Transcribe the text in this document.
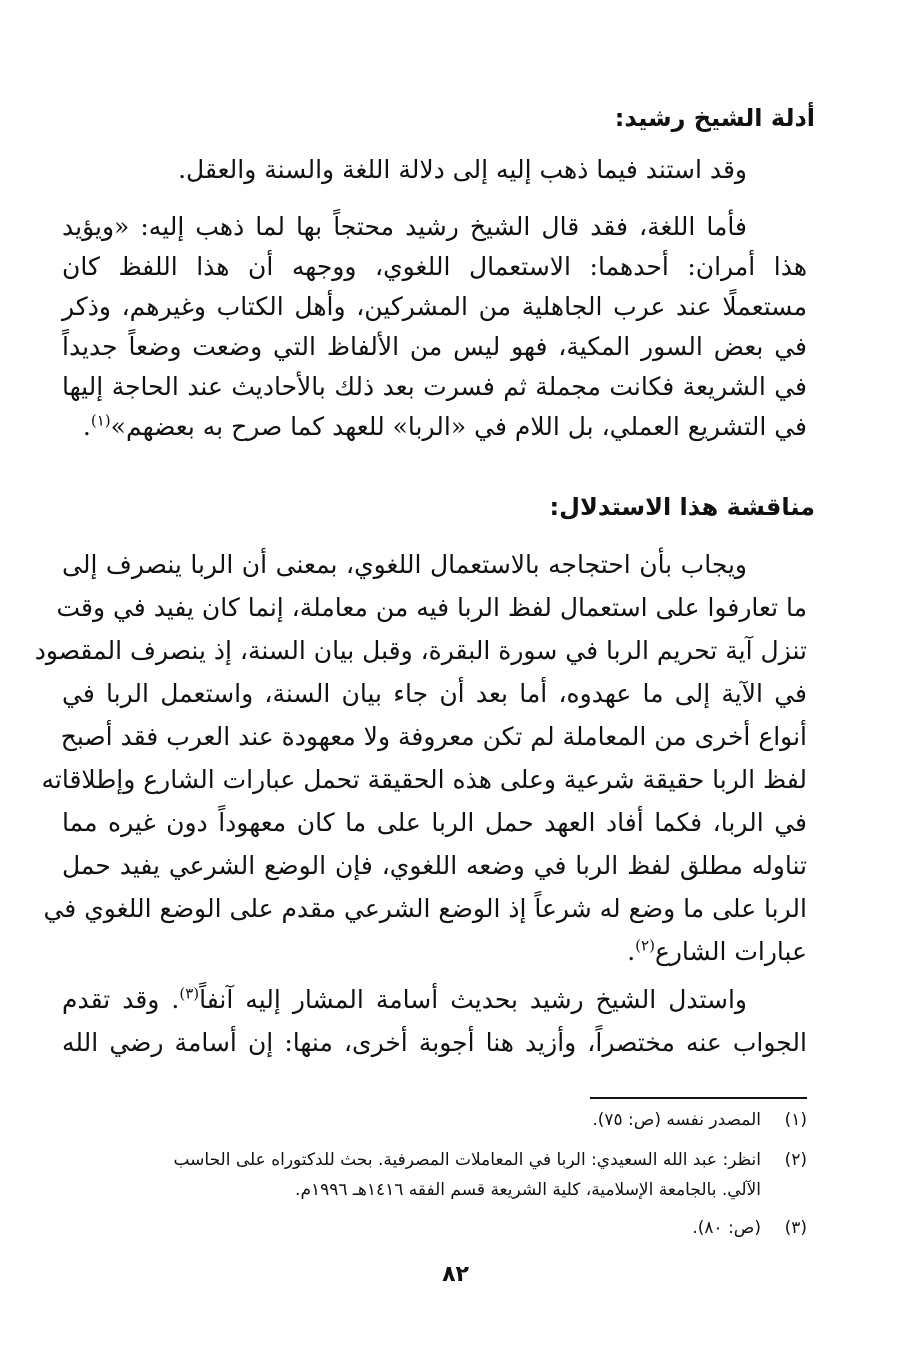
أدلة الشيخ رشيد:
وقد استند فيما ذهب إليه إلى دلالة اللغة والسنة والعقل.
فأما اللغة، فقد قال الشيخ رشيد محتجاً بها لما ذهب إليه: «ويؤيد
هذا أمران: أحدهما: الاستعمال اللغوي، ووجهه أن هذا اللفظ كان
مستعملًا عند عرب الجاهلية من المشركين، وأهل الكتاب وغيرهم، وذكر
في بعض السور المكية، فهو ليس من الألفاظ التي وضعت وضعاً جديداً
في الشريعة فكانت مجملة ثم فسرت بعد ذلك بالأحاديث عند الحاجة إليها
في التشريع العملي، بل اللام في «الربا» للعهد كما صرح به بعضهم»$^{(١)}$.
مناقشة هذا الاستدلال:
ويجاب بأن احتجاجه بالاستعمال اللغوي، بمعنى أن الربا ينصرف إلى
ما تعارفوا على استعمال لفظ الربا فيه من معاملة، إنما كان يفيد في وقت
تنزل آية تحريم الربا في سورة البقرة، وقبل بيان السنة، إذ ينصرف المقصود
في الآية إلى ما عهدوه، أما بعد أن جاء بيان السنة، واستعمل الربا في
أنواع أخرى من المعاملة لم تكن معروفة ولا معهودة عند العرب فقد أصبح
لفظ الربا حقيقة شرعية وعلى هذه الحقيقة تحمل عبارات الشارع وإطلاقاته
في الربا، فكما أفاد العهد حمل الربا على ما كان معهوداً دون غيره مما
تناوله مطلق لفظ الربا في وضعه اللغوي، فإن الوضع الشرعي يفيد حمل
الربا على ما وضع له شرعاً إذ الوضع الشرعي مقدم على الوضع اللغوي في
عبارات الشارع$^{(٢)}$.
واستدل الشيخ رشيد بحديث أسامة المشار إليه آنفاً$^{(٣)}$. وقد تقدم
الجواب عنه مختصراً، وأزيد هنا أجوبة أخرى، منها: إن أسامة رضي الله
(١)المصدر نفسه (ص: ٧٥).
(٢)انظر: عبد الله السعيدي: الربا في المعاملات المصرفية. بحث للدكتوراه على الحاسب
الآلي. بالجامعة الإسلامية، كلية الشريعة قسم الفقه ١٤١٦هـ ١٩٩٦م.
(٣)(ص: ٨٠).
٨٢
